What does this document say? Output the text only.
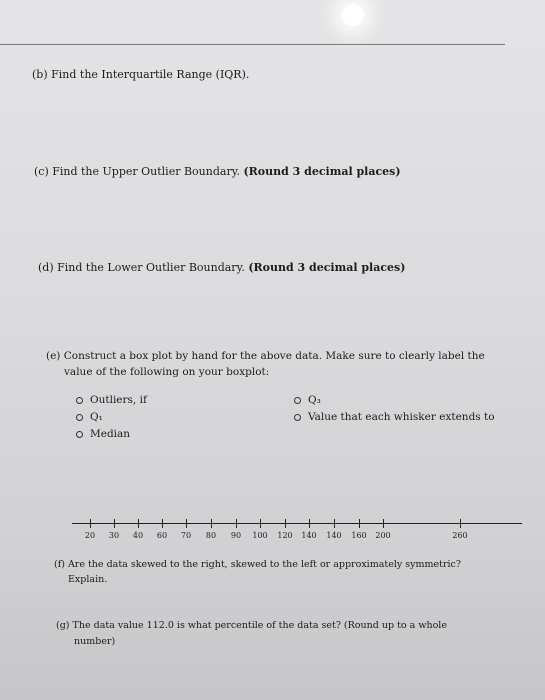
(b) Find the Interquartile Range (IQR).
(c) Find the Upper Outlier Boundary. (Round 3 decimal places)
(d) Find the Lower Outlier Boundary. (Round 3 decimal places)
(e) Construct a box plot by hand for the above data. Make sure to clearly label the
value of the following on your boxplot:
Outliers, if
Q₁
Median
Q₃
Value that each whisker extends to
20 30 40 60 70 80 90 100 120 140 140 160 200	260
(f) Are the data skewed to the right, skewed to the left or approximately symmetric?
Explain.
(g) The data value 112.0 is what percentile of the data set? (Round up to a whole
number)
